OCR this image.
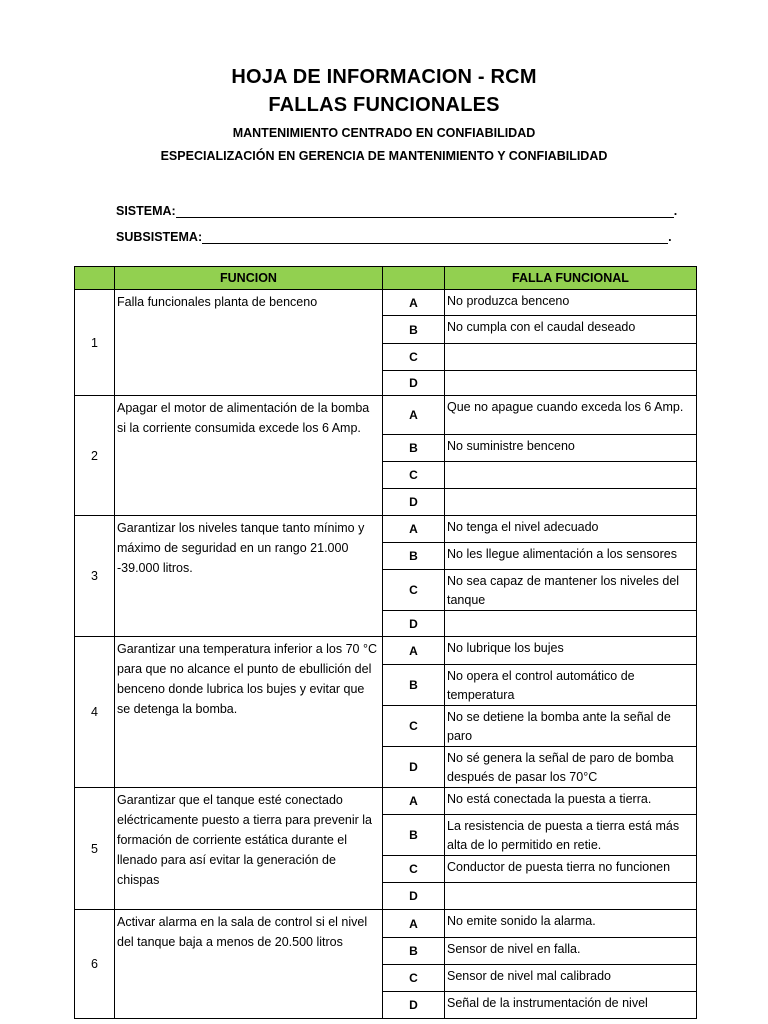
HOJA DE INFORMACION - RCM
FALLAS FUNCIONALES
MANTENIMIENTO CENTRADO EN CONFIABILIDAD
ESPECIALIZACIÓN EN GERENCIA DE MANTENIMIENTO Y CONFIABILIDAD
SISTEMA:	.
SUBSISTEMA:	.
	FUNCION		FALLA FUNCIONAL
1	Falla funcionales planta de benceno	A	No produzca benceno
		B	No cumpla con el caudal deseado
		C	
		D	
2	Apagar el motor de alimentación de la bomba si la corriente consumida excede los 6 Amp.	A	Que no apague cuando exceda los 6 Amp.
		B	No suministre benceno
		C	
		D	
3	Garantizar los niveles tanque tanto mínimo y máximo de seguridad en un rango 21.000 -39.000 litros.	A	No tenga el nivel adecuado
		B	No les llegue alimentación a los sensores
		C	No sea capaz de mantener los niveles del tanque
		D	
4	Garantizar una temperatura inferior a los 70 °C para que no alcance el punto de ebullición del benceno donde lubrica los bujes y evitar que se detenga la bomba.	A	No lubrique los bujes
		B	No opera el control automático de temperatura
		C	No se detiene la bomba ante la señal de paro
		D	No sé genera la señal de paro de bomba después de pasar los 70°C
5	Garantizar que el tanque esté conectado eléctricamente puesto a tierra para prevenir la formación de corriente estática durante el llenado para así evitar la generación de chispas	A	No está conectada la puesta a tierra.
		B	La resistencia de puesta a tierra está más alta de lo permitido en retie.
		C	Conductor de puesta tierra no funcionen
		D	
6	Activar alarma en la sala de control si el nivel del tanque baja a menos de 20.500 litros	A	No emite sonido la alarma.
		B	Sensor de nivel en falla.
		C	Sensor de nivel mal calibrado
		D	Señal de la instrumentación de nivel
